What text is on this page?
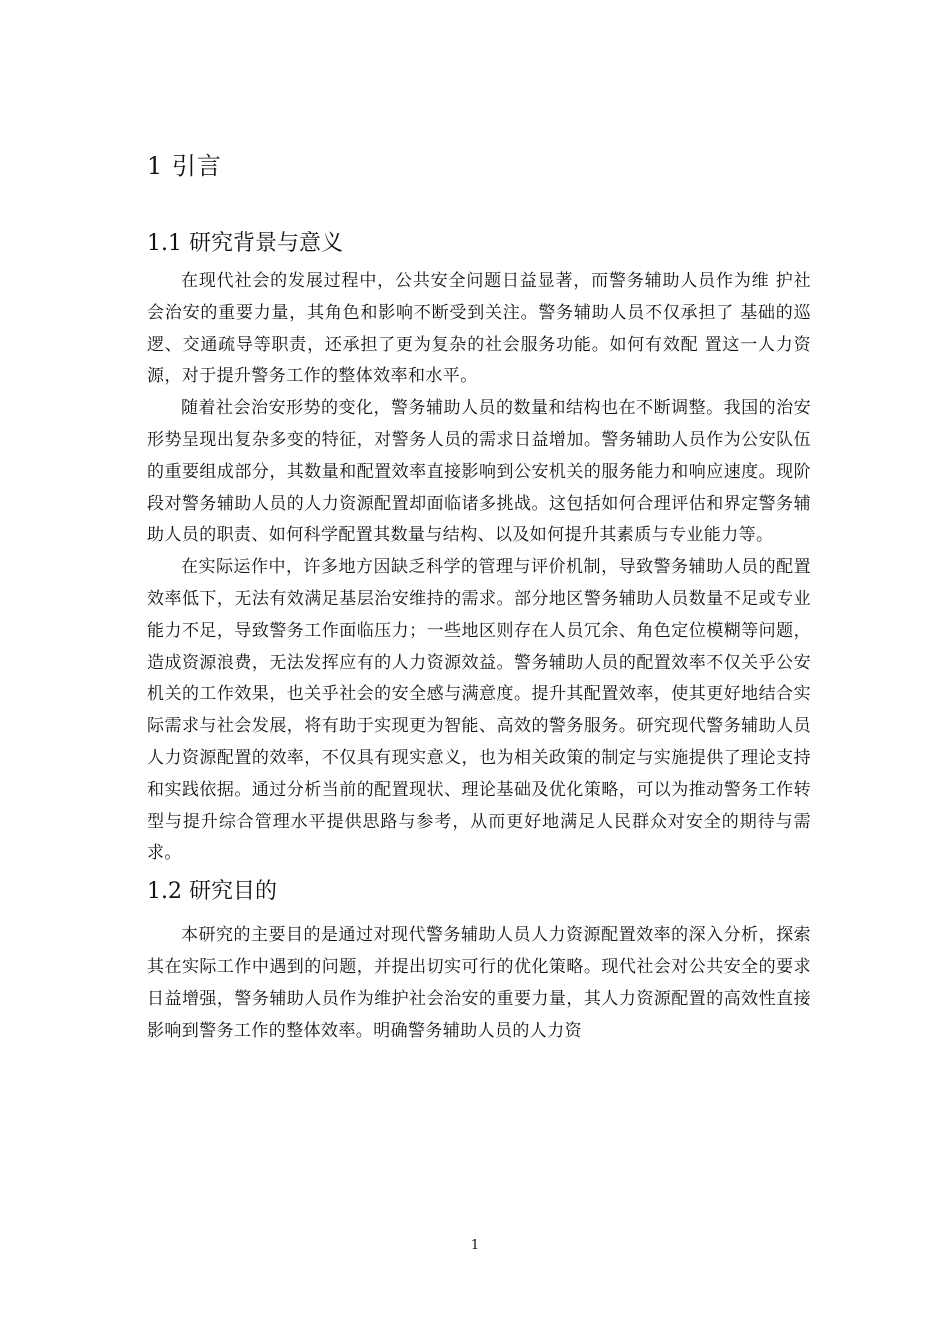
1 引言
1.1 研究背景与意义

在现代社会的发展过程中，公共安全问题日益显著，而警务辅助人员作为维 护社会治安的重要力量，其角色和影响不断受到关注。警务辅助人员不仅承担了 基础的巡逻、交通疏导等职责，还承担了更为复杂的社会服务功能。如何有效配 置这一人力资源，对于提升警务工作的整体效率和水平。

随着社会治安形势的变化，警务辅助人员的数量和结构也在不断调整。我国的治安形势呈现出复杂多变的特征，对警务人员的需求日益增加。警务辅助人员作为公安队伍的重要组成部分，其数量和配置效率直接影响到公安机关的服务能力和响应速度。现阶段对警务辅助人员的人力资源配置却面临诸多挑战。这包括如何合理评估和界定警务辅助人员的职责、如何科学配置其数量与结构、以及如何提升其素质与专业能力等。

在实际运作中，许多地方因缺乏科学的管理与评价机制，导致警务辅助人员的配置效率低下，无法有效满足基层治安维持的需求。部分地区警务辅助人员数量不足或专业能力不足，导致警务工作面临压力；一些地区则存在人员冗余、角色定位模糊等问题，造成资源浪费，无法发挥应有的人力资源效益。警务辅助人员的配置效率不仅关乎公安机关的工作效果，也关乎社会的安全感与满意度。提升其配置效率，使其更好地结合实际需求与社会发展，将有助于实现更为智能、高效的警务服务。研究现代警务辅助人员人力资源配置的效率，不仅具有现实意义，也为相关政策的制定与实施提供了理论支持和实践依据。通过分析当前的配置现状、理论基础及优化策略，可以为推动警务工作转型与提升综合管理水平提供思路与参考，从而更好地满足人民群众对安全的期待与需求。

1.2 研究目的

本研究的主要目的是通过对现代警务辅助人员人力资源配置效率的深入分析，探索其在实际工作中遇到的问题，并提出切实可行的优化策略。现代社会对公共安全的要求日益增强，警务辅助人员作为维护社会治安的重要力量，其人力资源配置的高效性直接影响到警务工作的整体效率。明确警务辅助人员的人力资

1
